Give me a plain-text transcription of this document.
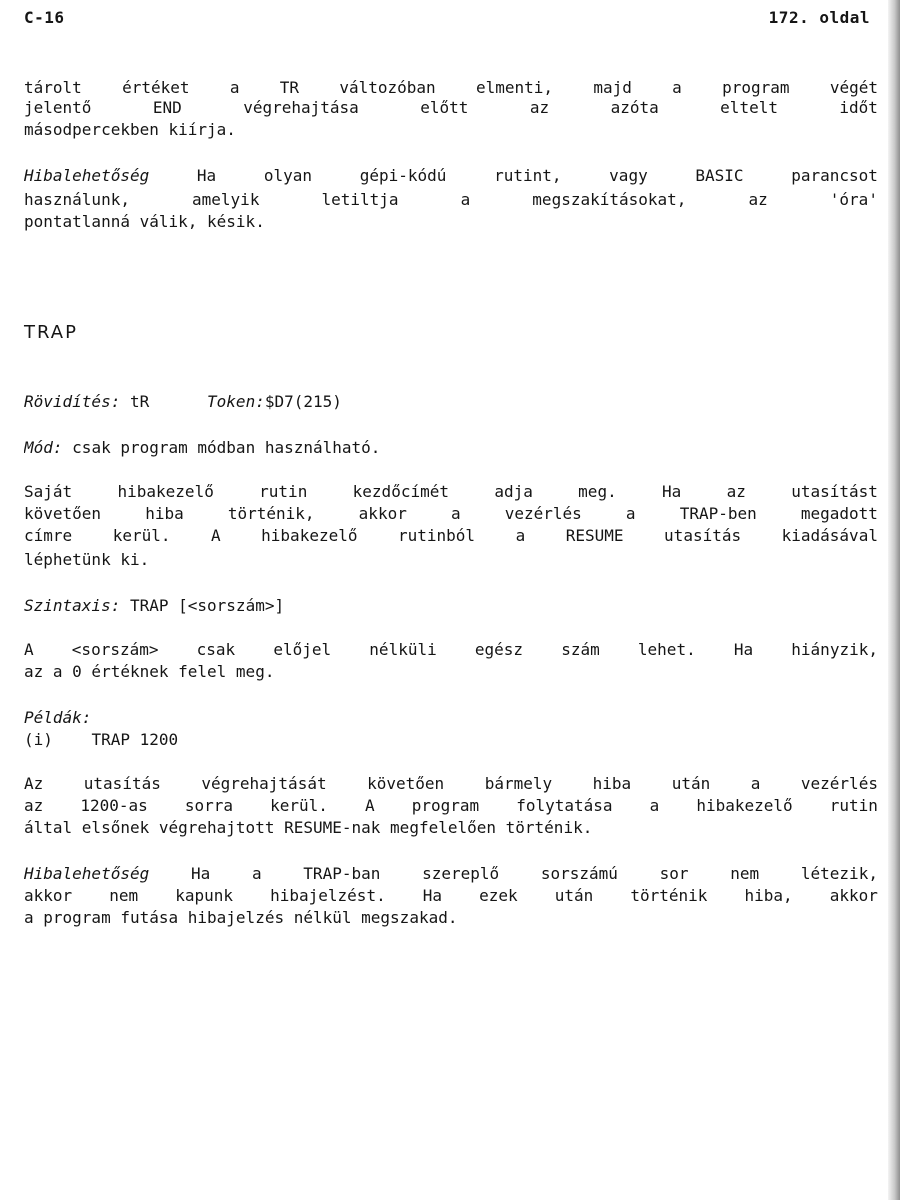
C-16	172. oldal
tárolt	értéket	a	TR	változóban	elmenti,	majd	a	program	végét
jelentő	END	végrehajtása	előtt	az	azóta	eltelt	időt
másodpercekben kiírja.
Hibalehetőség	Ha	olyan	gépi-kódú	rutint,	vagy	BASIC	parancsot
használunk,	amelyik	letiltja	a	megszakításokat,	az	'óra'
pontatlanná válik, késik.
TRAP
Rövidítés: tR	Token:$D7(215)
Mód: csak program módban használható.
Saját	hibakezelő	rutin	kezdőcímét	adja	meg.	Ha	az	utasítást
követően	hiba	történik,	akkor	a	vezérlés	a	TRAP-ben	megadott
címre	kerül.	A	hibakezelő	rutinból	a	RESUME	utasítás	kiadásával
léphetünk ki.
Szintaxis: TRAP [<sorszám>]
A <sorszám> csak előjel nélküli egész szám lehet. Ha hiányzik,
az a 0 értéknek felel meg.
Példák:
(i) TRAP 1200
Az	utasítás	végrehajtását	követően	bármely	hiba	után	a	vezérlés
az 1200-as sorra kerül. A program folytatása a hibakezelő rutin
által elsőnek végrehajtott RESUME-nak megfelelően történik.
Hibalehetőség	Ha	a	TRAP-ban	szereplő	sorszámú	sor	nem	létezik,
akkor nem kapunk hibajelzést. Ha ezek után történik hiba, akkor
a program futása hibajelzés nélkül megszakad.
